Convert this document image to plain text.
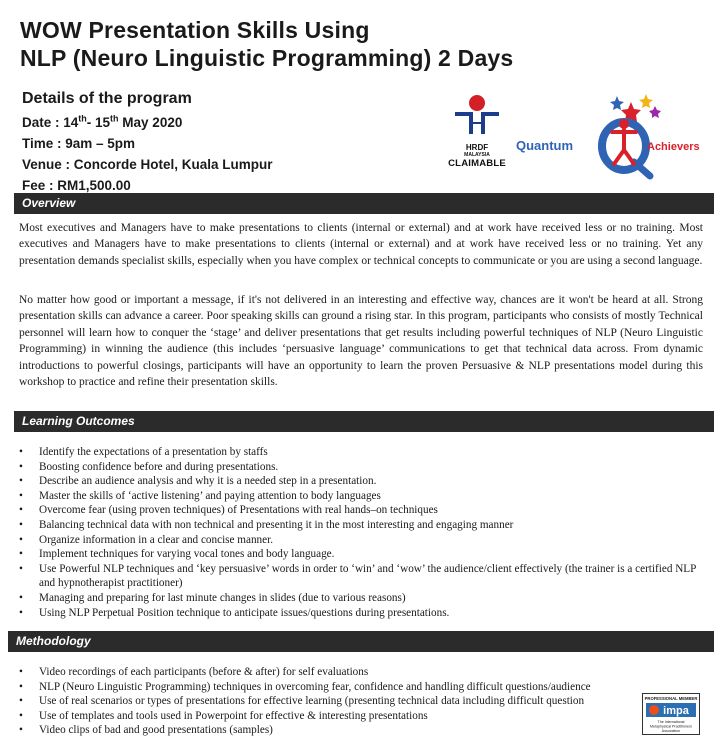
WOW Presentation Skills Using
NLP (Neuro Linguistic Programming) 2 Days
Details of the program
Date : 14th- 15th May 2020
Time : 9am – 5pm
Venue : Concorde Hotel, Kuala Lumpur
Fee : RM1,500.00
HRDF
MALAYSIA
CLAIMABLE
Quantum	Achievers
Overview
Most executives and Managers have to make presentations to clients (internal or external) and at work have received less or no training. Most executives and Managers have to make presentations to clients (internal or external) and at work have received less or no training. Yet any presentation demands specialist skills, especially when you have complex or technical concepts to communicate or you are using a second language.
No matter how good or important a message, if it's not delivered in an interesting and effective way, chances are it won't be heard at all. Strong presentation skills can advance a career. Poor speaking skills can ground a rising star. In this program, participants who consists of mostly Technical personnel will learn how to conquer the ‘stage’ and deliver presentations that get results including powerful techniques of NLP (Neuro Linguistic Programming) in winning the audience (this includes ‘persuasive language’ communications to get that technical data across. From dynamic introductions to powerful closings, participants will have an opportunity to learn the proven Persuasive & NLP presentations model during this workshop to practice and refine their presentation skills.
Learning Outcomes
• Identify the expectations of a presentation by staffs
• Boosting confidence before and during presentations.
• Describe an audience analysis and why it is a needed step in a presentation.
• Master the skills of ‘active listening’ and paying attention to body languages
• Overcome fear (using proven techniques) of Presentations with real hands–on techniques
• Balancing technical data with non technical and presenting it in the most interesting and engaging manner
• Organize information in a clear and concise manner.
• Implement techniques for varying vocal tones and body language.
• Use Powerful NLP techniques and ‘key persuasive’ words in order to ‘win’ and ‘wow’ the audience/client effectively (the trainer is a certified NLP and hypnotherapist practitioner)
• Managing and preparing for last minute changes in slides (due to various reasons)
• Using NLP Perpetual Position technique to anticipate issues/questions during presentations.
Methodology
• Video recordings of each participants (before & after) for self evaluations
• NLP (Neuro Linguistic Programming) techniques in overcoming fear, confidence and handling difficult questions/audience
• Use of real scenarios or types of presentations for effective learning (presenting technical data including difficult question
• Use of templates and tools used in Powerpoint for effective & interesting presentations
• Video clips of bad and good presentations (samples)
PROFESSIONAL MEMBER
impa
The International
Metaphysical Practitioners
Association
